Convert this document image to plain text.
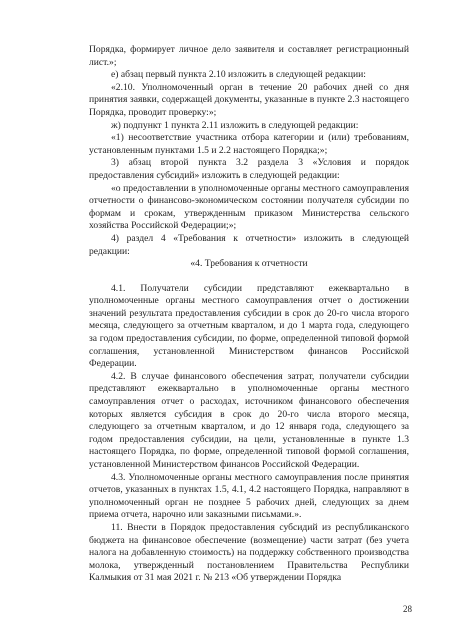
Порядка, формирует личное дело заявителя и составляет регистрационный лист.»;

е) абзац первый пункта 2.10 изложить в следующей редакции:

«2.10. Уполномоченный орган в течение 20 рабочих дней со дня принятия заявки, содержащей документы, указанные в пункте 2.3 настоящего Порядка, проводит проверку:»;

ж) подпункт 1 пункта 2.11 изложить в следующей редакции:

«1) несоответствие участника отбора категории и (или) требованиям, установленным пунктами 1.5 и 2.2 настоящего Порядка;»;

3) абзац второй пункта 3.2 раздела 3 «Условия и порядок предоставления субсидий» изложить в следующей редакции:

«о предоставлении в уполномоченные органы местного самоуправления отчетности о финансово-экономическом состоянии получателя субсидии по формам и срокам, утвержденным приказом Министерства сельского хозяйства Российской Федерации;»;

4) раздел 4 «Требования к отчетности» изложить в следующей редакции:

«4. Требования к отчетности

4.1. Получатели субсидии представляют ежеквартально в уполномоченные органы местного самоуправления отчет о достижении значений результата предоставления субсидии в срок до 20-го числа второго месяца, следующего за отчетным кварталом, и до 1 марта года, следующего за годом предоставления субсидии, по форме, определенной типовой формой соглашения, установленной Министерством финансов Российской Федерации.

4.2. В случае финансового обеспечения затрат, получатели субсидии представляют ежеквартально в уполномоченные органы местного самоуправления отчет о расходах, источником финансового обеспечения которых является субсидия в срок до 20-го числа второго месяца, следующего за отчетным кварталом, и до 12 января года, следующего за годом предоставления субсидии, на цели, установленные в пункте 1.3 настоящего Порядка, по форме, определенной типовой формой соглашения, установленной Министерством финансов Российской Федерации.

4.3. Уполномоченные органы местного самоуправления после принятия отчетов, указанных в пунктах 1.5, 4.1, 4.2 настоящего Порядка, направляют в уполномоченный орган не позднее 5 рабочих дней, следующих за днем приема отчета, нарочно или заказными письмами.».

11. Внести в Порядок предоставления субсидий из республиканского бюджета на финансовое обеспечение (возмещение) части затрат (без учета налога на добавленную стоимость) на поддержку собственного производства молока, утвержденный постановлением Правительства Республики Калмыкия от 31 мая 2021 г. № 213 «Об утверждении Порядка

28
